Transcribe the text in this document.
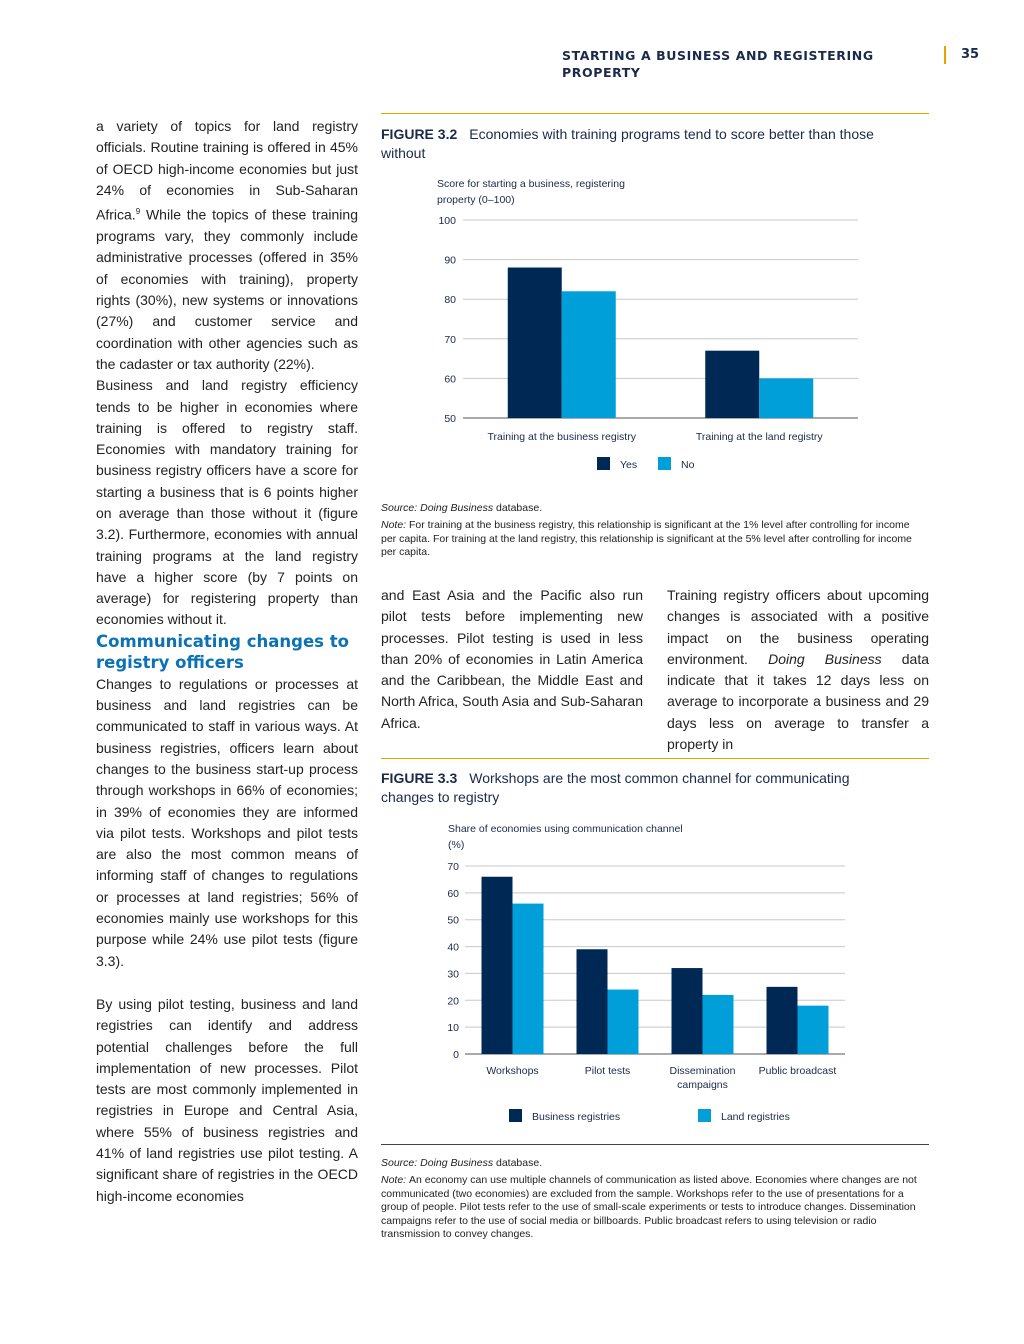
STARTING A BUSINESS AND REGISTERING PROPERTY
35

a variety of topics for land registry officials. Routine training is offered in 45% of OECD high-income economies but just 24% of economies in Sub-Saharan Africa.$^9$ While the topics of these training programs vary, they commonly include administrative processes (offered in 35% of economies with training), property rights (30%), new systems or innovations (27%) and customer service and coordination with other agencies such as the cadaster or tax authority (22%).

Business and land registry efficiency tends to be higher in economies where training is offered to registry staff. Economies with mandatory training for business registry officers have a score for starting a business that is 6 points higher on average than those without it (figure 3.2). Furthermore, economies with annual training programs at the land registry have a higher score (by 7 points on average) for registering property than economies without it.

Communicating changes to registry officers

Changes to regulations or processes at business and land registries can be communicated to staff in various ways. At business registries, officers learn about changes to the business start-up process through workshops in 66% of economies; in 39% of economies they are informed via pilot tests. Workshops and pilot tests are also the most common means of informing staff of changes to regulations or processes at land registries; 56% of economies mainly use workshops for this purpose while 24% use pilot tests (figure 3.3).

By using pilot testing, business and land registries can identify and address potential challenges before the full implementation of new processes. Pilot tests are most commonly implemented in registries in Europe and Central Asia, where 55% of business registries and 41% of land registries use pilot testing. A significant share of registries in the OECD high-income economies

FIGURE 3.2 Economies with training programs tend to score better than those without
Score for starting a business, registering
property (0–100)
50
60
70
80
90
100
Training at the business registry	Training at the land registry
Yes	No
Source: Doing Business database.
Note: For training at the business registry, this relationship is significant at the 1% level after controlling for income per capita. For training at the land registry, this relationship is significant at the 5% level after controlling for income per capita.

and East Asia and the Pacific also run pilot tests before implementing new processes. Pilot testing is used in less than 20% of economies in Latin America and the Caribbean, the Middle East and North Africa, South Asia and Sub-Saharan Africa.

Training registry officers about upcoming changes is associated with a positive impact on the business operating environment. Doing Business data indicate that it takes 12 days less on average to incorporate a business and 29 days less on average to transfer a property in

FIGURE 3.3 Workshops are the most common channel for communicating changes to registry
Share of economies using communication channel
(%)
0
10
20
30
40
50
60
70
Workshops	Pilot tests	Dissemination
campaigns
Public broadcast
Business registries	Land registries
Source: Doing Business database.
Note: An economy can use multiple channels of communication as listed above. Economies where changes are not communicated (two economies) are excluded from the sample. Workshops refer to the use of presentations for a group of people. Pilot tests refer to the use of small-scale experiments or tests to introduce changes. Dissemination campaigns refer to the use of social media or billboards. Public broadcast refers to using television or radio transmission to convey changes.
